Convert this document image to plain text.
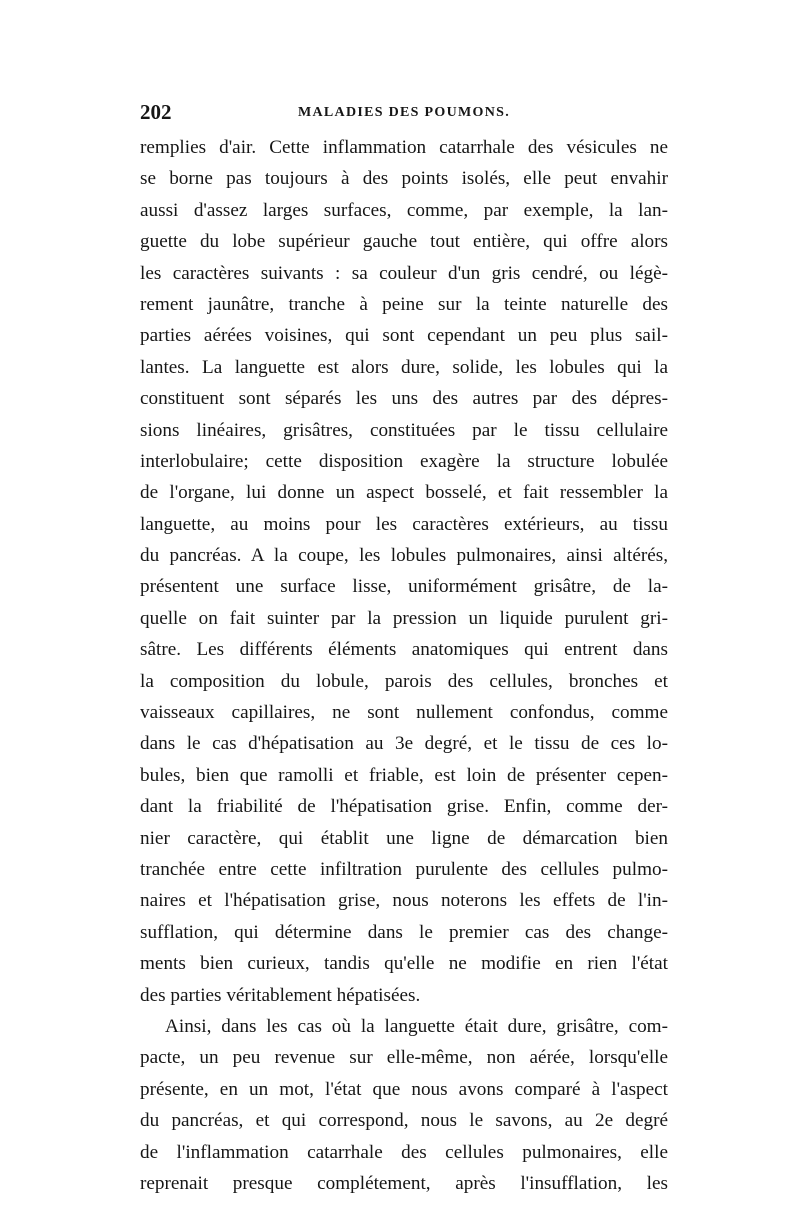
202	MALADIES DES POUMONS.
remplies d'air. Cette inflammation catarrhale des vésicules ne
se borne pas toujours à des points isolés, elle peut envahir
aussi d'assez larges surfaces, comme, par exemple, la lan-
guette du lobe supérieur gauche tout entière, qui offre alors
les caractères suivants : sa couleur d'un gris cendré, ou légè-
rement jaunâtre, tranche à peine sur la teinte naturelle des
parties aérées voisines, qui sont cependant un peu plus sail-
lantes. La languette est alors dure, solide, les lobules qui la
constituent sont séparés les uns des autres par des dépres-
sions linéaires, grisâtres, constituées par le tissu cellulaire
interlobulaire; cette disposition exagère la structure lobulée
de l'organe, lui donne un aspect bosselé, et fait ressembler la
languette, au moins pour les caractères extérieurs, au tissu
du pancréas. A la coupe, les lobules pulmonaires, ainsi altérés,
présentent une surface lisse, uniformément grisâtre, de la-
quelle on fait suinter par la pression un liquide purulent gri-
sâtre. Les différents éléments anatomiques qui entrent dans
la composition du lobule, parois des cellules, bronches et
vaisseaux capillaires, ne sont nullement confondus, comme
dans le cas d'hépatisation au 3e degré, et le tissu de ces lo-
bules, bien que ramolli et friable, est loin de présenter cepen-
dant la friabilité de l'hépatisation grise. Enfin, comme der-
nier caractère, qui établit une ligne de démarcation bien
tranchée entre cette infiltration purulente des cellules pulmo-
naires et l'hépatisation grise, nous noterons les effets de l'in-
sufflation, qui détermine dans le premier cas des change-
ments bien curieux, tandis qu'elle ne modifie en rien l'état
des parties véritablement hépatisées.
Ainsi, dans les cas où la languette était dure, grisâtre, com-
pacte, un peu revenue sur elle-même, non aérée, lorsqu'elle
présente, en un mot, l'état que nous avons comparé à l'aspect
du pancréas, et qui correspond, nous le savons, au 2e degré
de l'inflammation catarrhale des cellules pulmonaires, elle
reprenait presque complétement, après l'insufflation, les
